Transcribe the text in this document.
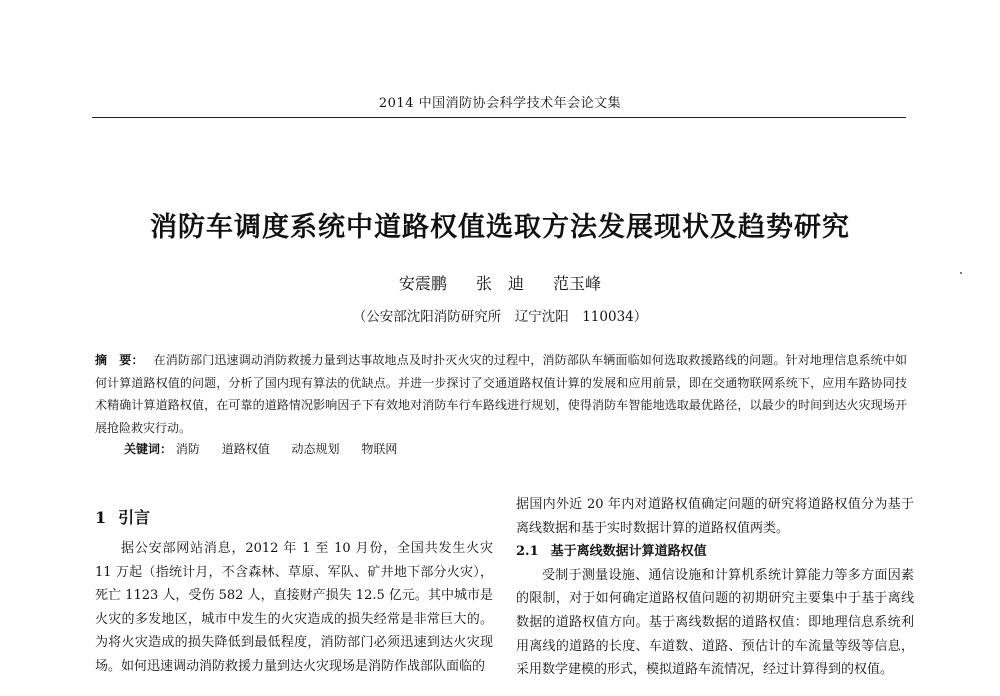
2014 中国消防协会科学技术年会论文集
消防车调度系统中道路权值选取方法发展现状及趋势研究
安震鹏 张　迪 范玉峰
（公安部沈阳消防研究所　辽宁沈阳　110034）
摘　要： 在消防部门迅速调动消防救援力量到达事故地点及时扑灭火灾的过程中，消防部队车辆面临如何选取救援路线的问题。针对地理信息系统中如何计算道路权值的问题，分析了国内现有算法的优缺点。并进一步探讨了交通道路权值计算的发展和应用前景，即在交通物联网系统下，应用车路协同技术精确计算道路权值，在可靠的道路情况影响因子下有效地对消防车行车路线进行规划，使得消防车智能地选取最优路径，以最少的时间到达火灾现场开展抢险救灾行动。
关键词： 消防 道路权值 动态规划 物联网
1 引言

据公安部网站消息，2012 年 1 至 10 月份，全国共发生火灾 11 万起（指统计月，不含森林、草原、军队、矿井地下部分火灾），死亡 1123 人，受伤 582 人，直接财产损失 12.5 亿元。其中城市是火灾的多发地区，城市中发生的火灾造成的损失经常是非常巨大的。为将火灾造成的损失降低到最低程度，消防部门必须迅速到达火灾现场。如何迅速调动消防救援力量到达火灾现场是消防作战部队面临的

据国内外近 20 年内对道路权值确定问题的研究将道路权值分为基于离线数据和基于实时数据计算的道路权值两类。

2.1 基于离线数据计算道路权值

受制于测量设施、通信设施和计算机系统计算能力等多方面因素的限制，对于如何确定道路权值问题的初期研究主要集中于基于离线数据的道路权值方向。基于离线数据的道路权值：即地理信息系统利用离线的道路的长度、车道数、道路、预估计的车流量等级等信息，采用数学建模的形式，模拟道路车流情况，经过计算得到的权值。
